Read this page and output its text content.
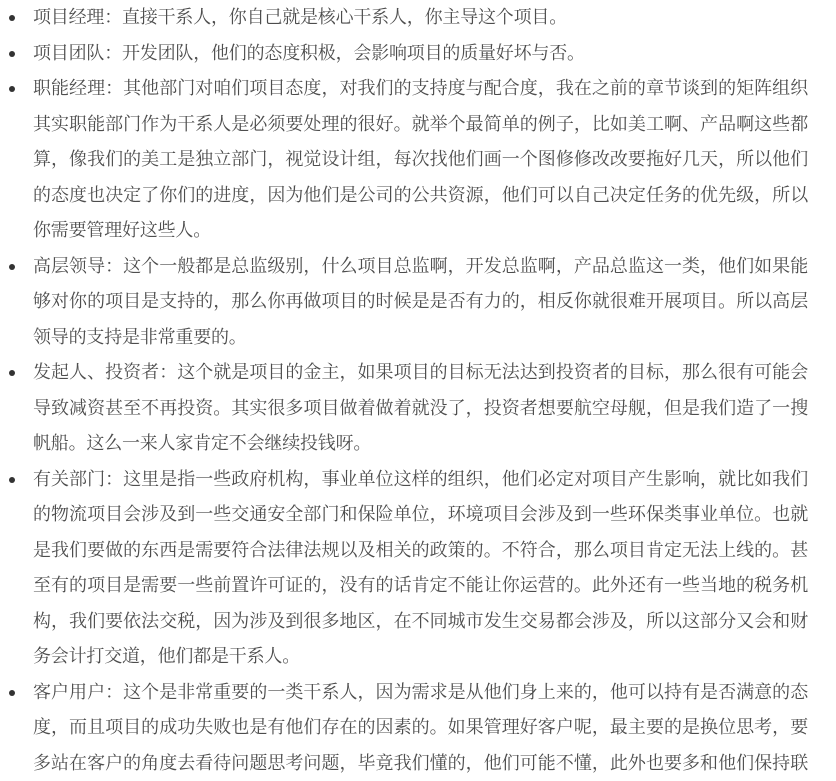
项目经理：直接干系人，你自己就是核心干系人，你主导这个项目。
项目团队：开发团队，他们的态度积极，会影响项目的质量好坏与否。
职能经理：其他部门对咱们项目态度，对我们的支持度与配合度，我在之前的章节谈到的矩阵组织
其实职能部门作为干系人是必须要处理的很好。就举个最简单的例子，比如美工啊、产品啊这些都
算，像我们的美工是独立部门，视觉设计组，每次找他们画一个图修修改改要拖好几天，所以他们
的态度也决定了你们的进度，因为他们是公司的公共资源，他们可以自己决定任务的优先级，所以
你需要管理好这些人。
高层领导：这个一般都是总监级别，什么项目总监啊，开发总监啊，产品总监这一类，他们如果能
够对你的项目是支持的，那么你再做项目的时候是是否有力的，相反你就很难开展项目。所以高层
领导的支持是非常重要的。
发起人、投资者：这个就是项目的金主，如果项目的目标无法达到投资者的目标，那么很有可能会
导致减资甚至不再投资。其实很多项目做着做着就没了，投资者想要航空母舰，但是我们造了一搜
帆船。这么一来人家肯定不会继续投钱呀。
有关部门：这里是指一些政府机构，事业单位这样的组织，他们必定对项目产生影响，就比如我们
的物流项目会涉及到一些交通安全部门和保险单位，环境项目会涉及到一些环保类事业单位。也就
是我们要做的东西是需要符合法律法规以及相关的政策的。不符合，那么项目肯定无法上线的。甚
至有的项目是需要一些前置许可证的，没有的话肯定不能让你运营的。此外还有一些当地的税务机
构，我们要依法交税，因为涉及到很多地区，在不同城市发生交易都会涉及，所以这部分又会和财
务会计打交道，他们都是干系人。
客户用户：这个是非常重要的一类干系人，因为需求是从他们身上来的，他可以持有是否满意的态
度，而且项目的成功失败也是有他们存在的因素的。如果管理好客户呢，最主要的是换位思考，要
多站在客户的角度去看待问题思考问题，毕竟我们懂的，他们可能不懂，此外也要多和他们保持联
